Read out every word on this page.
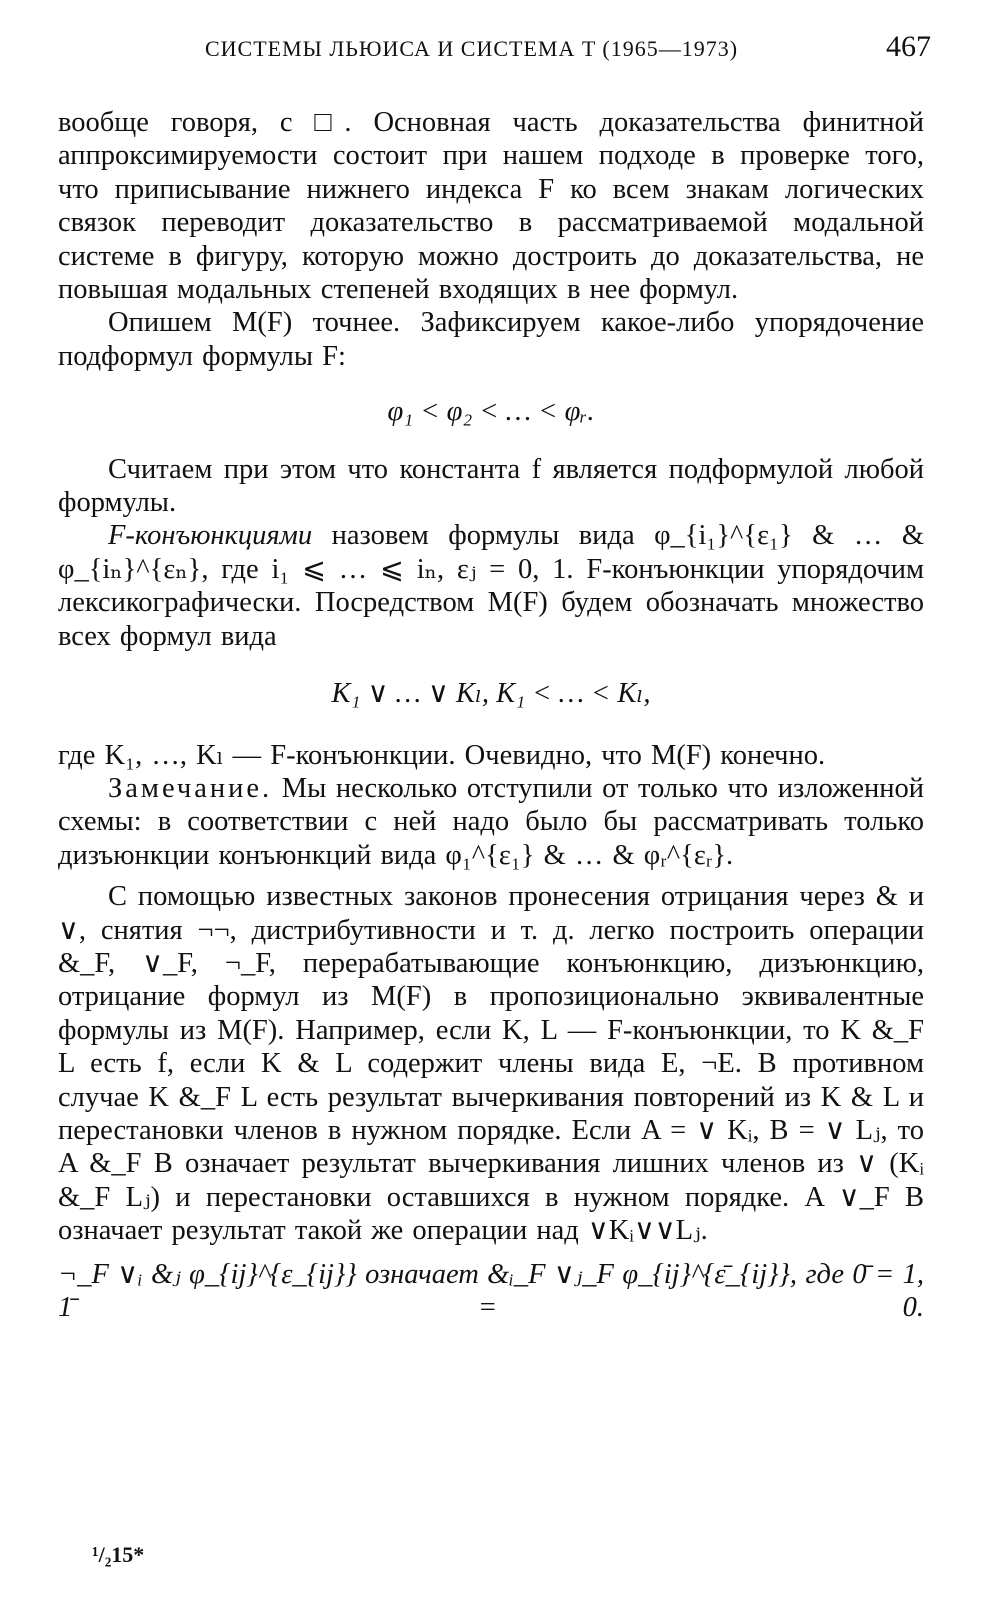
СИСТЕМЫ ЛЬЮИСА И СИСТЕМА T (1965—1973)	467

вообще говоря, с □. Основная часть доказательства финитной аппроксимируемости состоит при нашем подходе в проверке того, что приписывание нижнего индекса F ко всем знакам логических связок переводит доказательство в рассматриваемой модальной системе в фигуру, которую можно достроить до доказательства, не повышая модальных степеней входящих в нее формул.

Опишем M(F) точнее. Зафиксируем какое-либо упорядочение подформул формулы F:

φ₁ < φ₂ < … < φᵣ.

Считаем при этом что константа f является подформулой любой формулы.

F-конъюнкциями назовем формулы вида φ_{i₁}^{ε₁} & … & φ_{iₙ}^{εₙ}, где i₁ ⩽ … ⩽ iₙ, εⱼ = 0, 1. F-конъюнкции упорядочим лексикографически. Посредством M(F) будем обозначать множество всех формул вида

K₁ ∨ … ∨ Kₗ, K₁ < … < Kₗ,

где K₁, …, Kₗ — F-конъюнкции. Очевидно, что M(F) конечно.

Замечание. Мы несколько отступили от только что изложенной схемы: в соответствии с ней надо было бы рассматривать только дизъюнкции конъюнкций вида φ₁^{ε₁} & … & φᵣ^{εᵣ}.

С помощью известных законов пронесения отрицания через & и ∨, снятия ¬¬, дистрибутивности и т. д. легко построить операции &_F, ∨_F, ¬_F, перерабатывающие конъюнкцию, дизъюнкцию, отрицание формул из M(F) в пропозиционально эквивалентные формулы из M(F). Например, если K, L — F-конъюнкции, то K &_F L есть f, если K & L содержит члены вида E, ¬E. В противном случае K &_F L есть результат вычеркивания повторений из K & L и перестановки членов в нужном порядке. Если A = ∨ Kᵢ, B = ∨ Lⱼ, то A &_F B означает результат вычеркивания лишних членов из ∨ (Kᵢ &_F Lⱼ) и перестановки оставшихся в нужном порядке. A ∨_F B означает результат такой же операции над ∨Kᵢ∨∨Lⱼ.

¬_F ∨ᵢ &ⱼ φ_{ij}^{ε_{ij}} означает &ᵢ_F ∨ⱼ_F φ_{ij}^{ε̄_{ij}}, где 0̄ = 1, 1̄ = 0.
¹/₂15*
